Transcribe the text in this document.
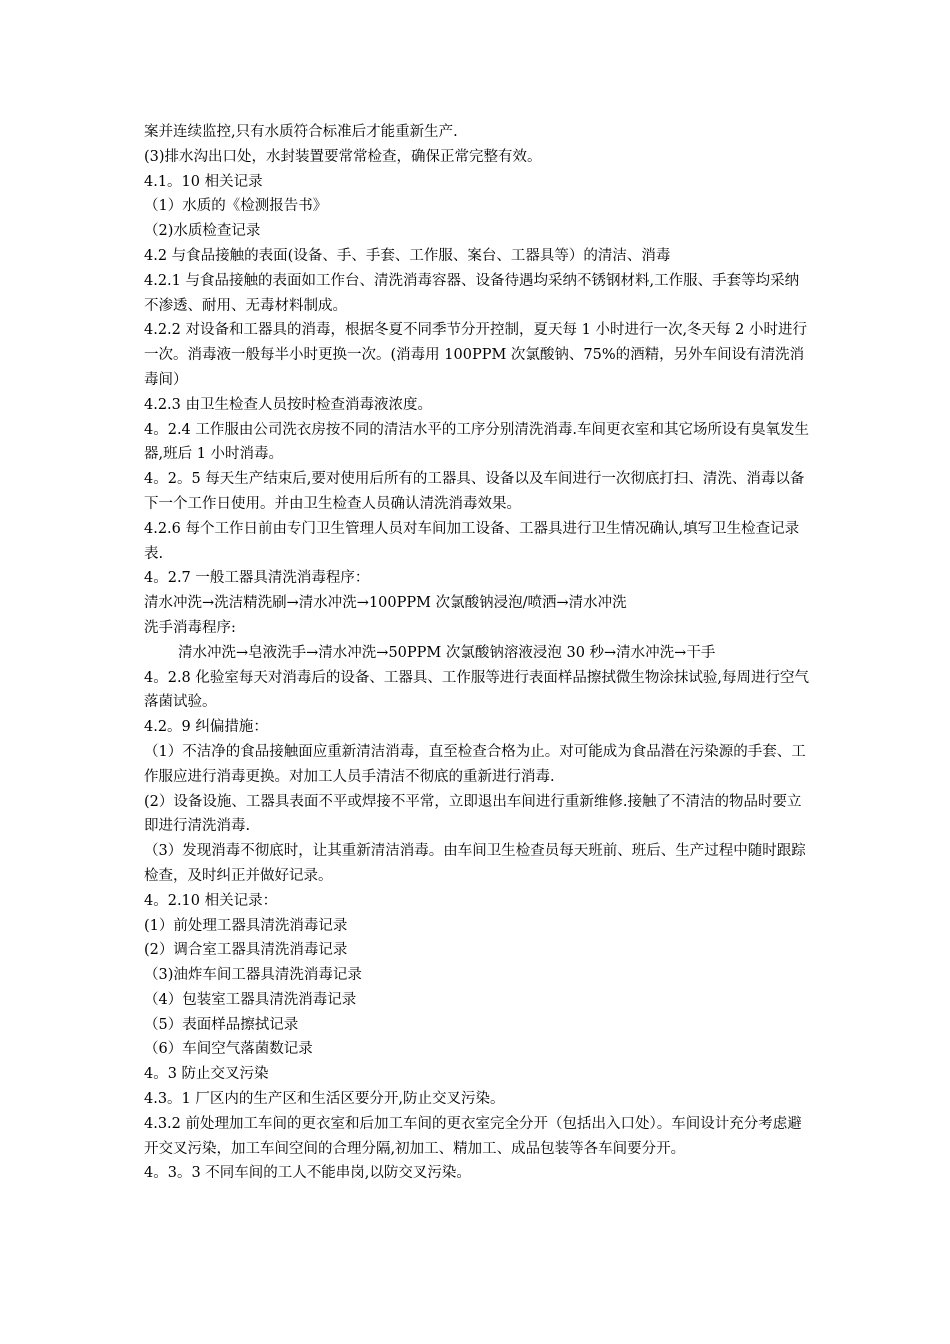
案并连续监控,只有水质符合标准后才能重新生产.

(3)排水沟出口处，水封装置要常常检查，确保正常完整有效。

4.1。10 相关记录

（1）水质的《检测报告书》

（2)水质检查记录

4.2 与食品接触的表面(设备、手、手套、工作服、案台、工器具等）的清洁、消毒

4.2.1 与食品接触的表面如工作台、清洗消毒容器、设备待遇均采纳不锈钢材料,工作服、手套等均采纳不渗透、耐用、无毒材料制成。

4.2.2 对设备和工器具的消毒，根据冬夏不同季节分开控制，夏天每 1 小时进行一次,冬天每 2 小时进行一次。消毒液一般每半小时更换一次。(消毒用 100PPM 次氯酸钠、75%的酒精，另外车间设有清洗消毒间）

4.2.3 由卫生检查人员按时检查消毒液浓度。

4。2.4 工作服由公司洗衣房按不同的清洁水平的工序分别清洗消毒.车间更衣室和其它场所设有臭氧发生器,班后 1 小时消毒。

4。2。5 每天生产结束后,要对使用后所有的工器具、设备以及车间进行一次彻底打扫、清洗、消毒以备下一个工作日使用。并由卫生检查人员确认清洗消毒效果。

4.2.6 每个工作日前由专门卫生管理人员对车间加工设备、工器具进行卫生情况确认,填写卫生检查记录表.

4。2.7 一般工器具清洗消毒程序：

清水冲洗→洗洁精洗刷→清水冲洗→100PPM 次氯酸钠浸泡/喷洒→清水冲洗

洗手消毒程序:

清水冲洗→皂液洗手→清水冲洗→50PPM 次氯酸钠溶液浸泡 30 秒→清水冲洗→干手

4。2.8 化验室每天对消毒后的设备、工器具、工作服等进行表面样品擦拭微生物涂抹试验,每周进行空气落菌试验。

4.2。9 纠偏措施：

（1）不洁净的食品接触面应重新清洁消毒，直至检查合格为止。对可能成为食品潜在污染源的手套、工作服应进行消毒更换。对加工人员手清洁不彻底的重新进行消毒.

(2）设备设施、工器具表面不平或焊接不平常，立即退出车间进行重新维修.接触了不清洁的物品时要立即进行清洗消毒.

（3）发现消毒不彻底时，让其重新清洁消毒。由车间卫生检查员每天班前、班后、生产过程中随时跟踪检查，及时纠正并做好记录。

4。2.10 相关记录：

(1）前处理工器具清洗消毒记录

(2）调合室工器具清洗消毒记录

（3)油炸车间工器具清洗消毒记录

（4）包装室工器具清洗消毒记录

（5）表面样品擦拭记录

（6）车间空气落菌数记录

4。3 防止交叉污染

4.3。1 厂区内的生产区和生活区要分开,防止交叉污染。

4.3.2 前处理加工车间的更衣室和后加工车间的更衣室完全分开（包括出入口处）。车间设计充分考虑避开交叉污染，加工车间空间的合理分隔,初加工、精加工、成品包装等各车间要分开。

4。3。3 不同车间的工人不能串岗,以防交叉污染。
